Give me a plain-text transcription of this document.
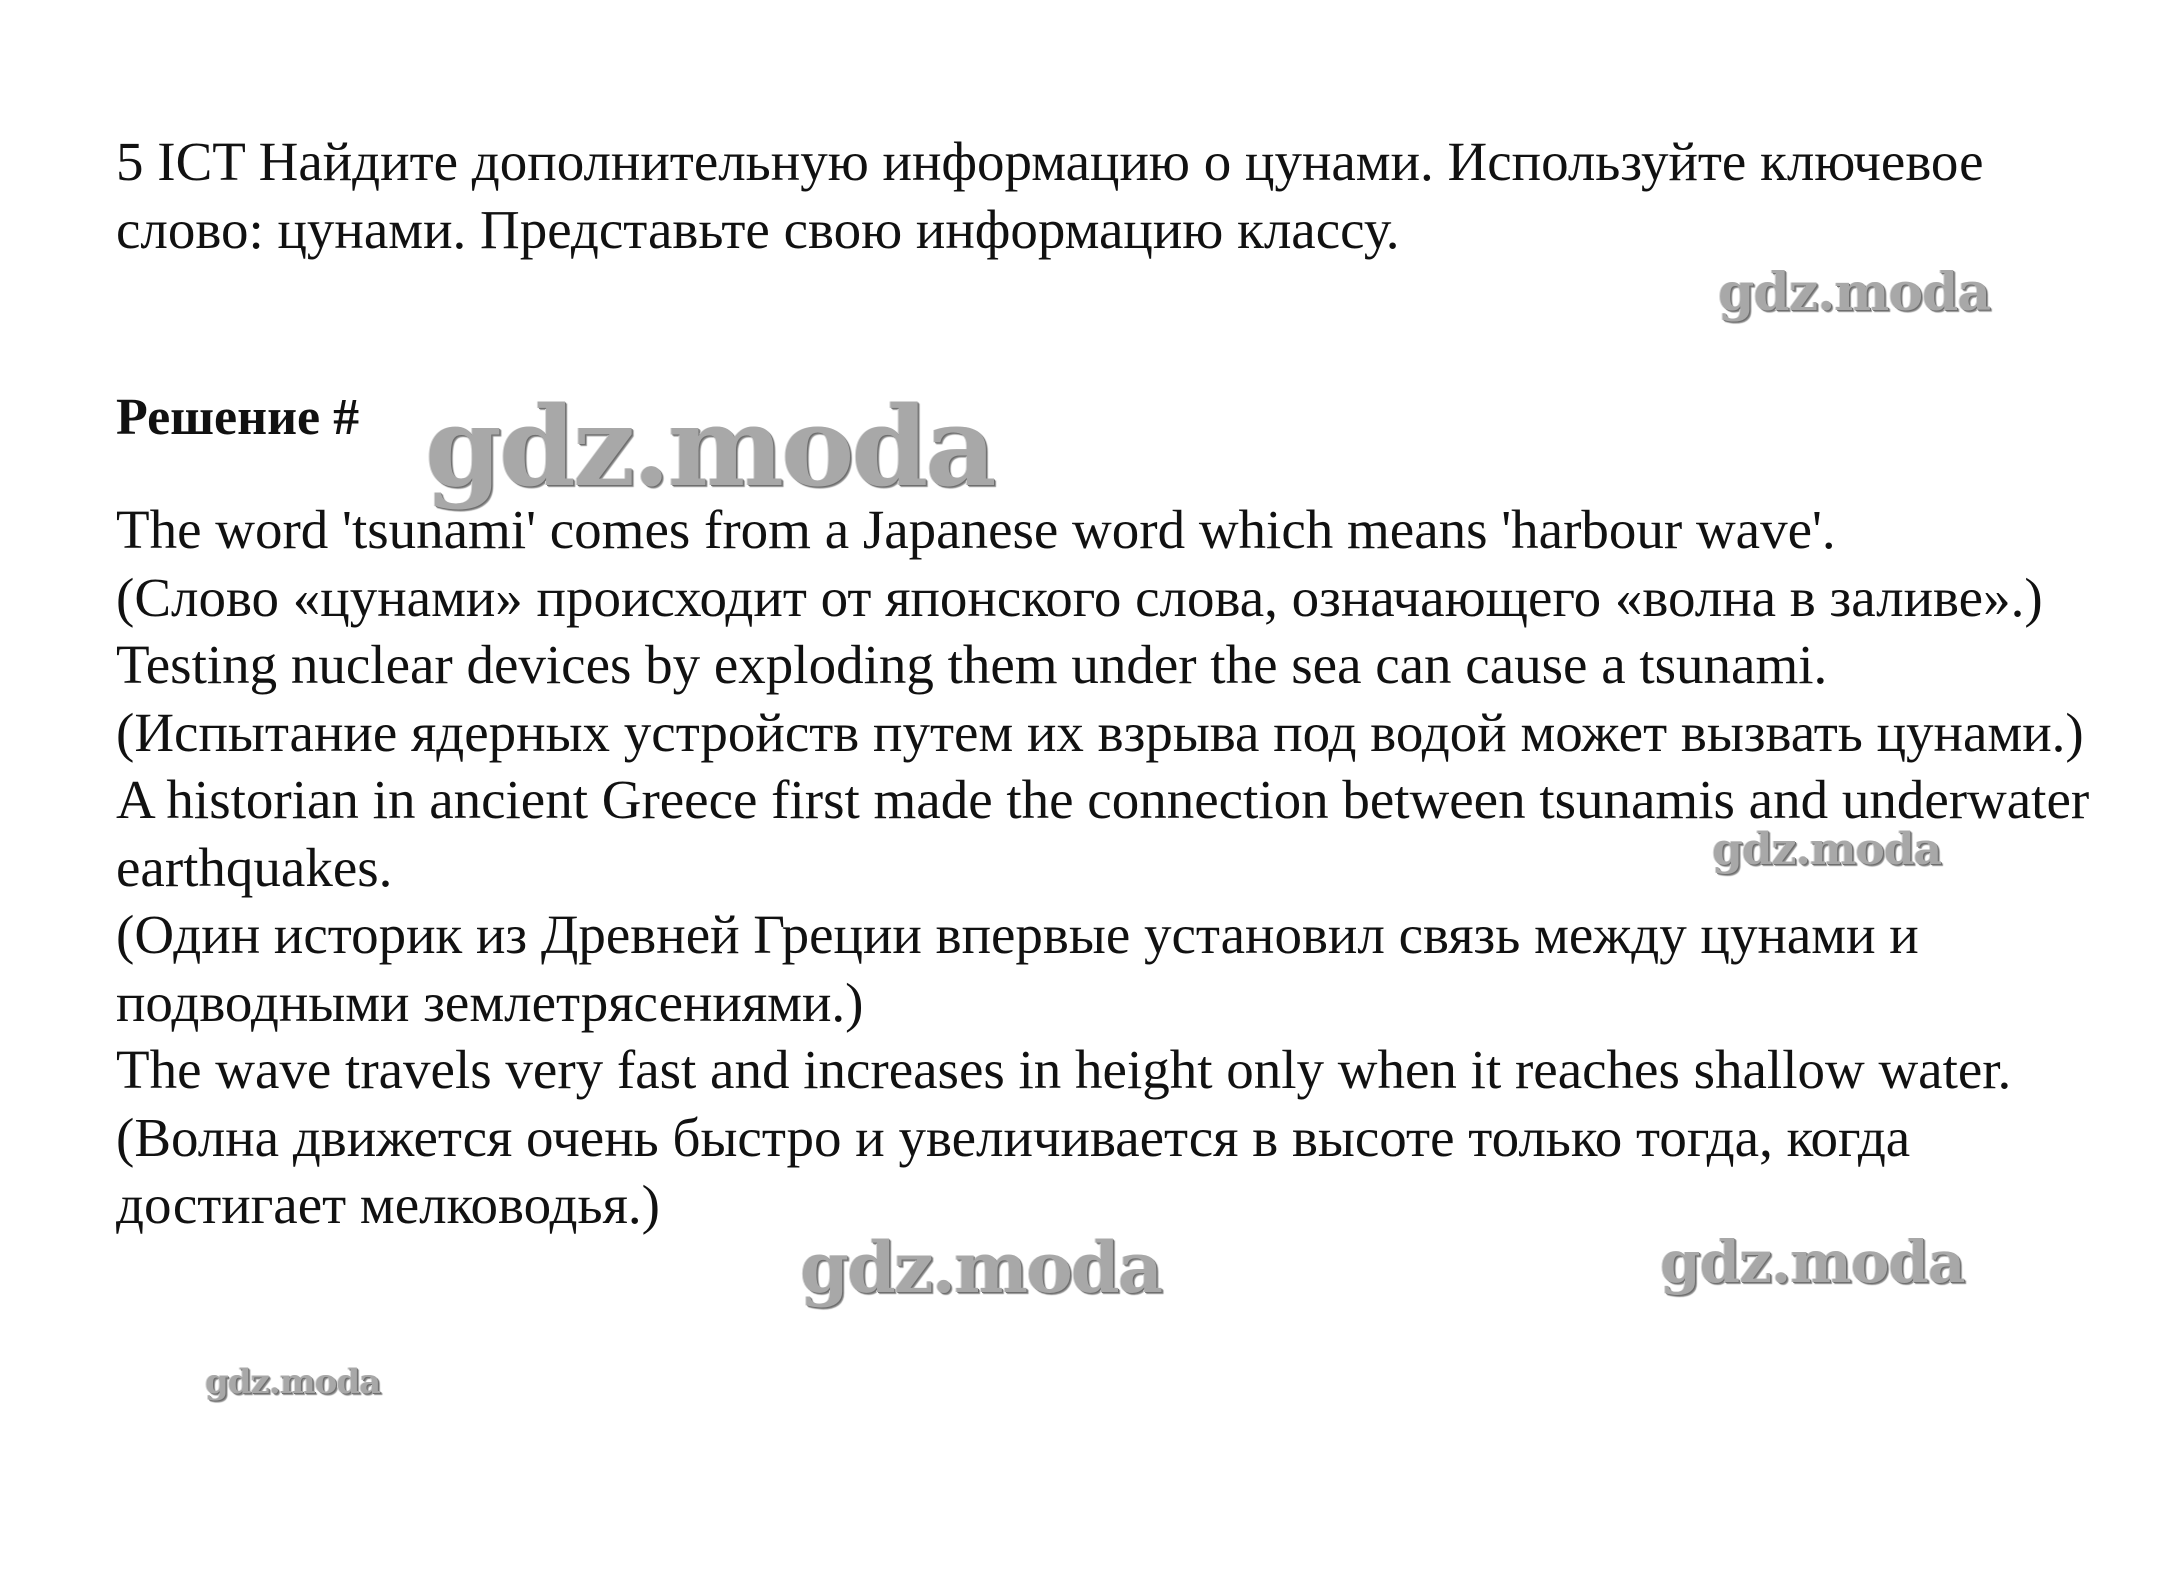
5 ICT Найдите дополнительную информацию о цунами. Используйте ключевое слово: цунами. Представьте свою информацию классу.

Решение #

The word 'tsunami' comes from a Japanese word which means 'harbour wave'.

(Слово «цунами» происходит от японского слова, означающего «волна в заливе».)

Testing nuclear devices by exploding them under the sea can cause a tsunami.

(Испытание ядерных устройств путем их взрыва под водой может вызвать цунами.)

A historian in ancient Greece first made the connection between tsunamis and underwater earthquakes.

(Один историк из Древней Греции впервые установил связь между цунами и подводными землетрясениями.)

The wave travels very fast and increases in height only when it reaches shallow water.

(Волна движется очень быстро и увеличивается в высоте только тогда, когда достигает мелководья.)

gdz.moda
gdz.moda
gdz.moda
gdz.moda	gdz.moda
gdz.moda
